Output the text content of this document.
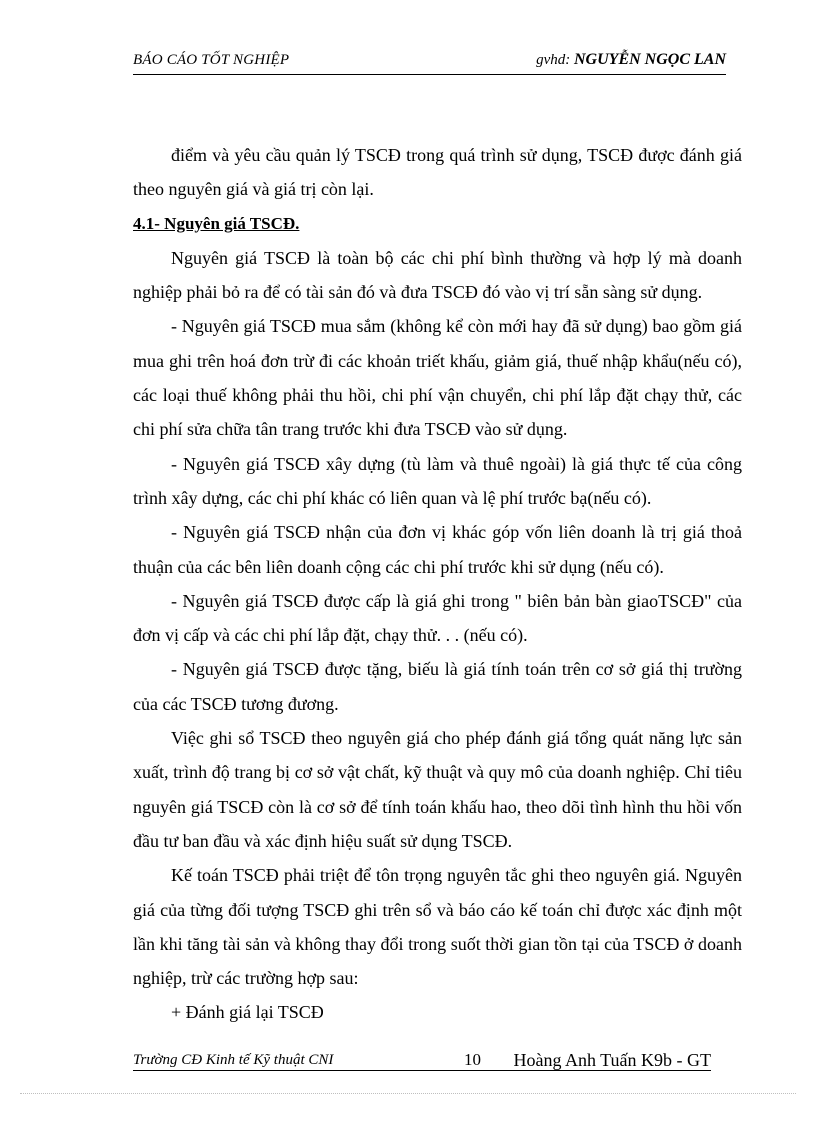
BÁO CÁO TỐT NGHIỆP	gvhd: NGUYỄN NGỌC LAN

điểm và yêu cầu quản lý TSCĐ trong quá trình sử dụng, TSCĐ được đánh giá theo nguyên giá và giá trị còn lại.

4.1- Nguyên giá TSCĐ.

Nguyên giá TSCĐ là toàn bộ các chi phí bình thường và hợp lý mà doanh nghiệp phải bỏ ra để có tài sản đó và đưa TSCĐ đó vào vị trí sẵn sàng sử dụng.

- Nguyên giá TSCĐ mua sắm (không kể còn mới hay đã sử dụng) bao gồm giá mua ghi trên hoá đơn trừ đi các khoản triết khấu, giảm giá, thuế nhập khẩu(nếu có), các loại thuế không phải thu hồi, chi phí vận chuyển, chi phí lắp đặt chạy thử, các chi phí sửa chữa tân trang trước khi đưa TSCĐ vào sử dụng.

- Nguyên giá TSCĐ xây dựng (tù làm và thuê ngoài) là giá thực tế của công trình xây dựng, các chi phí khác có liên quan và lệ phí trước bạ(nếu có).

- Nguyên giá TSCĐ nhận của đơn vị khác góp vốn liên doanh là trị giá thoả thuận của các bên liên doanh cộng các chi phí trước khi sử dụng (nếu có).

- Nguyên giá TSCĐ được cấp là giá ghi trong " biên bản bàn giaoTSCĐ" của đơn vị cấp và các chi phí lắp đặt, chạy thử. . . (nếu có).

- Nguyên giá TSCĐ được tặng, biếu là giá tính toán trên cơ sở giá thị trường của các TSCĐ tương đương.

Việc ghi sổ TSCĐ theo nguyên giá cho phép đánh giá tổng quát năng lực sản xuất, trình độ trang bị cơ sở vật chất, kỹ thuật và quy mô của doanh nghiệp. Chỉ tiêu nguyên giá TSCĐ còn là cơ sở để tính toán khấu hao, theo dõi tình hình thu hồi vốn đầu tư ban đầu và xác định hiệu suất sử dụng TSCĐ.

Kế toán TSCĐ phải triệt để tôn trọng nguyên tắc ghi theo nguyên giá. Nguyên giá của từng đối tượng TSCĐ ghi trên sổ và báo cáo kế toán chỉ được xác định một lần khi tăng tài sản và không thay đổi trong suốt thời gian tồn tại của TSCĐ ở doanh nghiệp, trừ các trường hợp sau:

+ Đánh giá lại TSCĐ

Trường CĐ Kinh tế Kỹ thuật CNI	10 Hoàng Anh Tuấn K9b - GT
